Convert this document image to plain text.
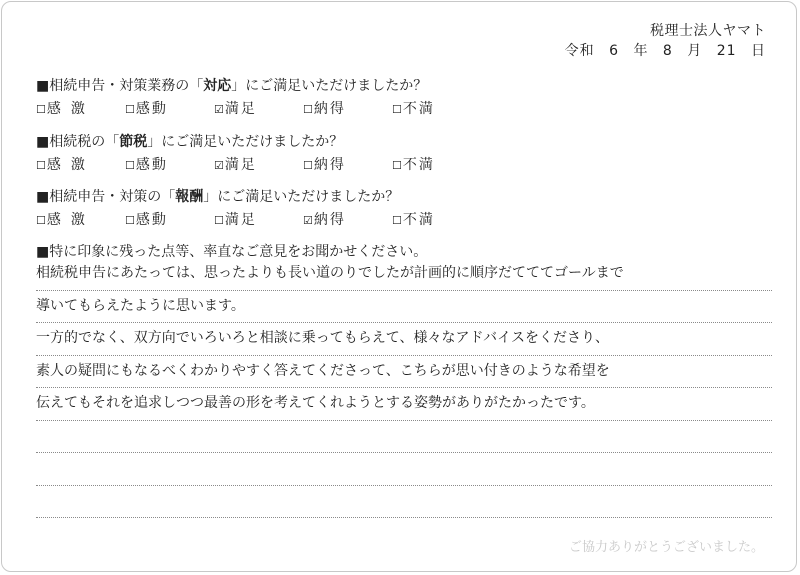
税理士法人ヤマト
令和 6 年 8 月 21 日
■相続申告・対策業務の「対応」にご満足いただけましたか？
☐感激	☐感動	☑満足	☐納得	☐不満
■相続税の「節税」にご満足いただけましたか？
☐感激	☐感動	☑満足	☐納得	☐不満
■相続申告・対策の「報酬」にご満足いただけましたか？
☐感激	☐感動	☐満足	☑納得	☐不満
■特に印象に残った点等、率直なご意見をお聞かせください。
相続税申告にあたっては、思ったよりも長い道のりでしたが計画的に順序だてててゴールまで
導いてもらえたように思います。
一方的でなく、双方向でいろいろと相談に乗ってもらえて、様々なアドバイスをくださり、
素人の疑問にもなるべくわかりやすく答えてくださって、こちらが思い付きのような希望を
伝えてもそれを追求しつつ最善の形を考えてくれようとする姿勢がありがたかったです。
ご協力ありがとうございました。
